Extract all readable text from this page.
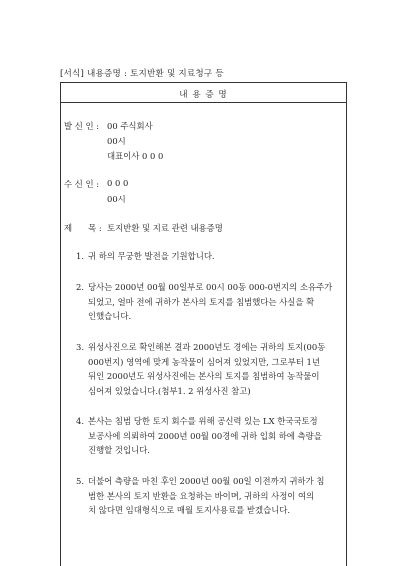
[서식] 내용증명 : 토지반환 및 지료청구 등
내 용 증 명
발 신 인 : 00 주식회사
00시
대표이사 0 0 0
수 신 인 : 0 0 0
00시
제      목 : 토지반환 및 지료 관련 내용증명
1. 귀 하의 무궁한 발전을 기원합니다.
2. 당사는 2000년 00월 00일부로 00시 00동 000-0번지의 소유주가
되었고, 얼마 전에 귀하가 본사의 토지를 침범했다는 사실을 확
인했습니다.
3. 위성사진으로 확인해본 결과 2000년도 경에는 귀하의 토지(00동
000번지) 영역에 맞게 농작물이 심어져 있었지만, 그로부터 1년
뒤인 2000년도 위성사진에는 본사의 토지를 침범하여 농작물이
심어져 있었습니다.(첨부1. 2 위성사진 참고)
4. 본사는 침범 당한 토지 회수를 위해 공신력 있는 LX 한국국토정
보공사에 의뢰하여 2000년 00월 00경에 귀하 입회 하에 측량을
진행할 것입니다.
5. 더불어 측량을 마친 후인 2000년 00월 00일 이전까지 귀하가 침
범한 본사의 토지 반환을 요청하는 바이며, 귀하의 사정이 여의
치 않다면 임대형식으로 매월 토지사용료를 받겠습니다.
